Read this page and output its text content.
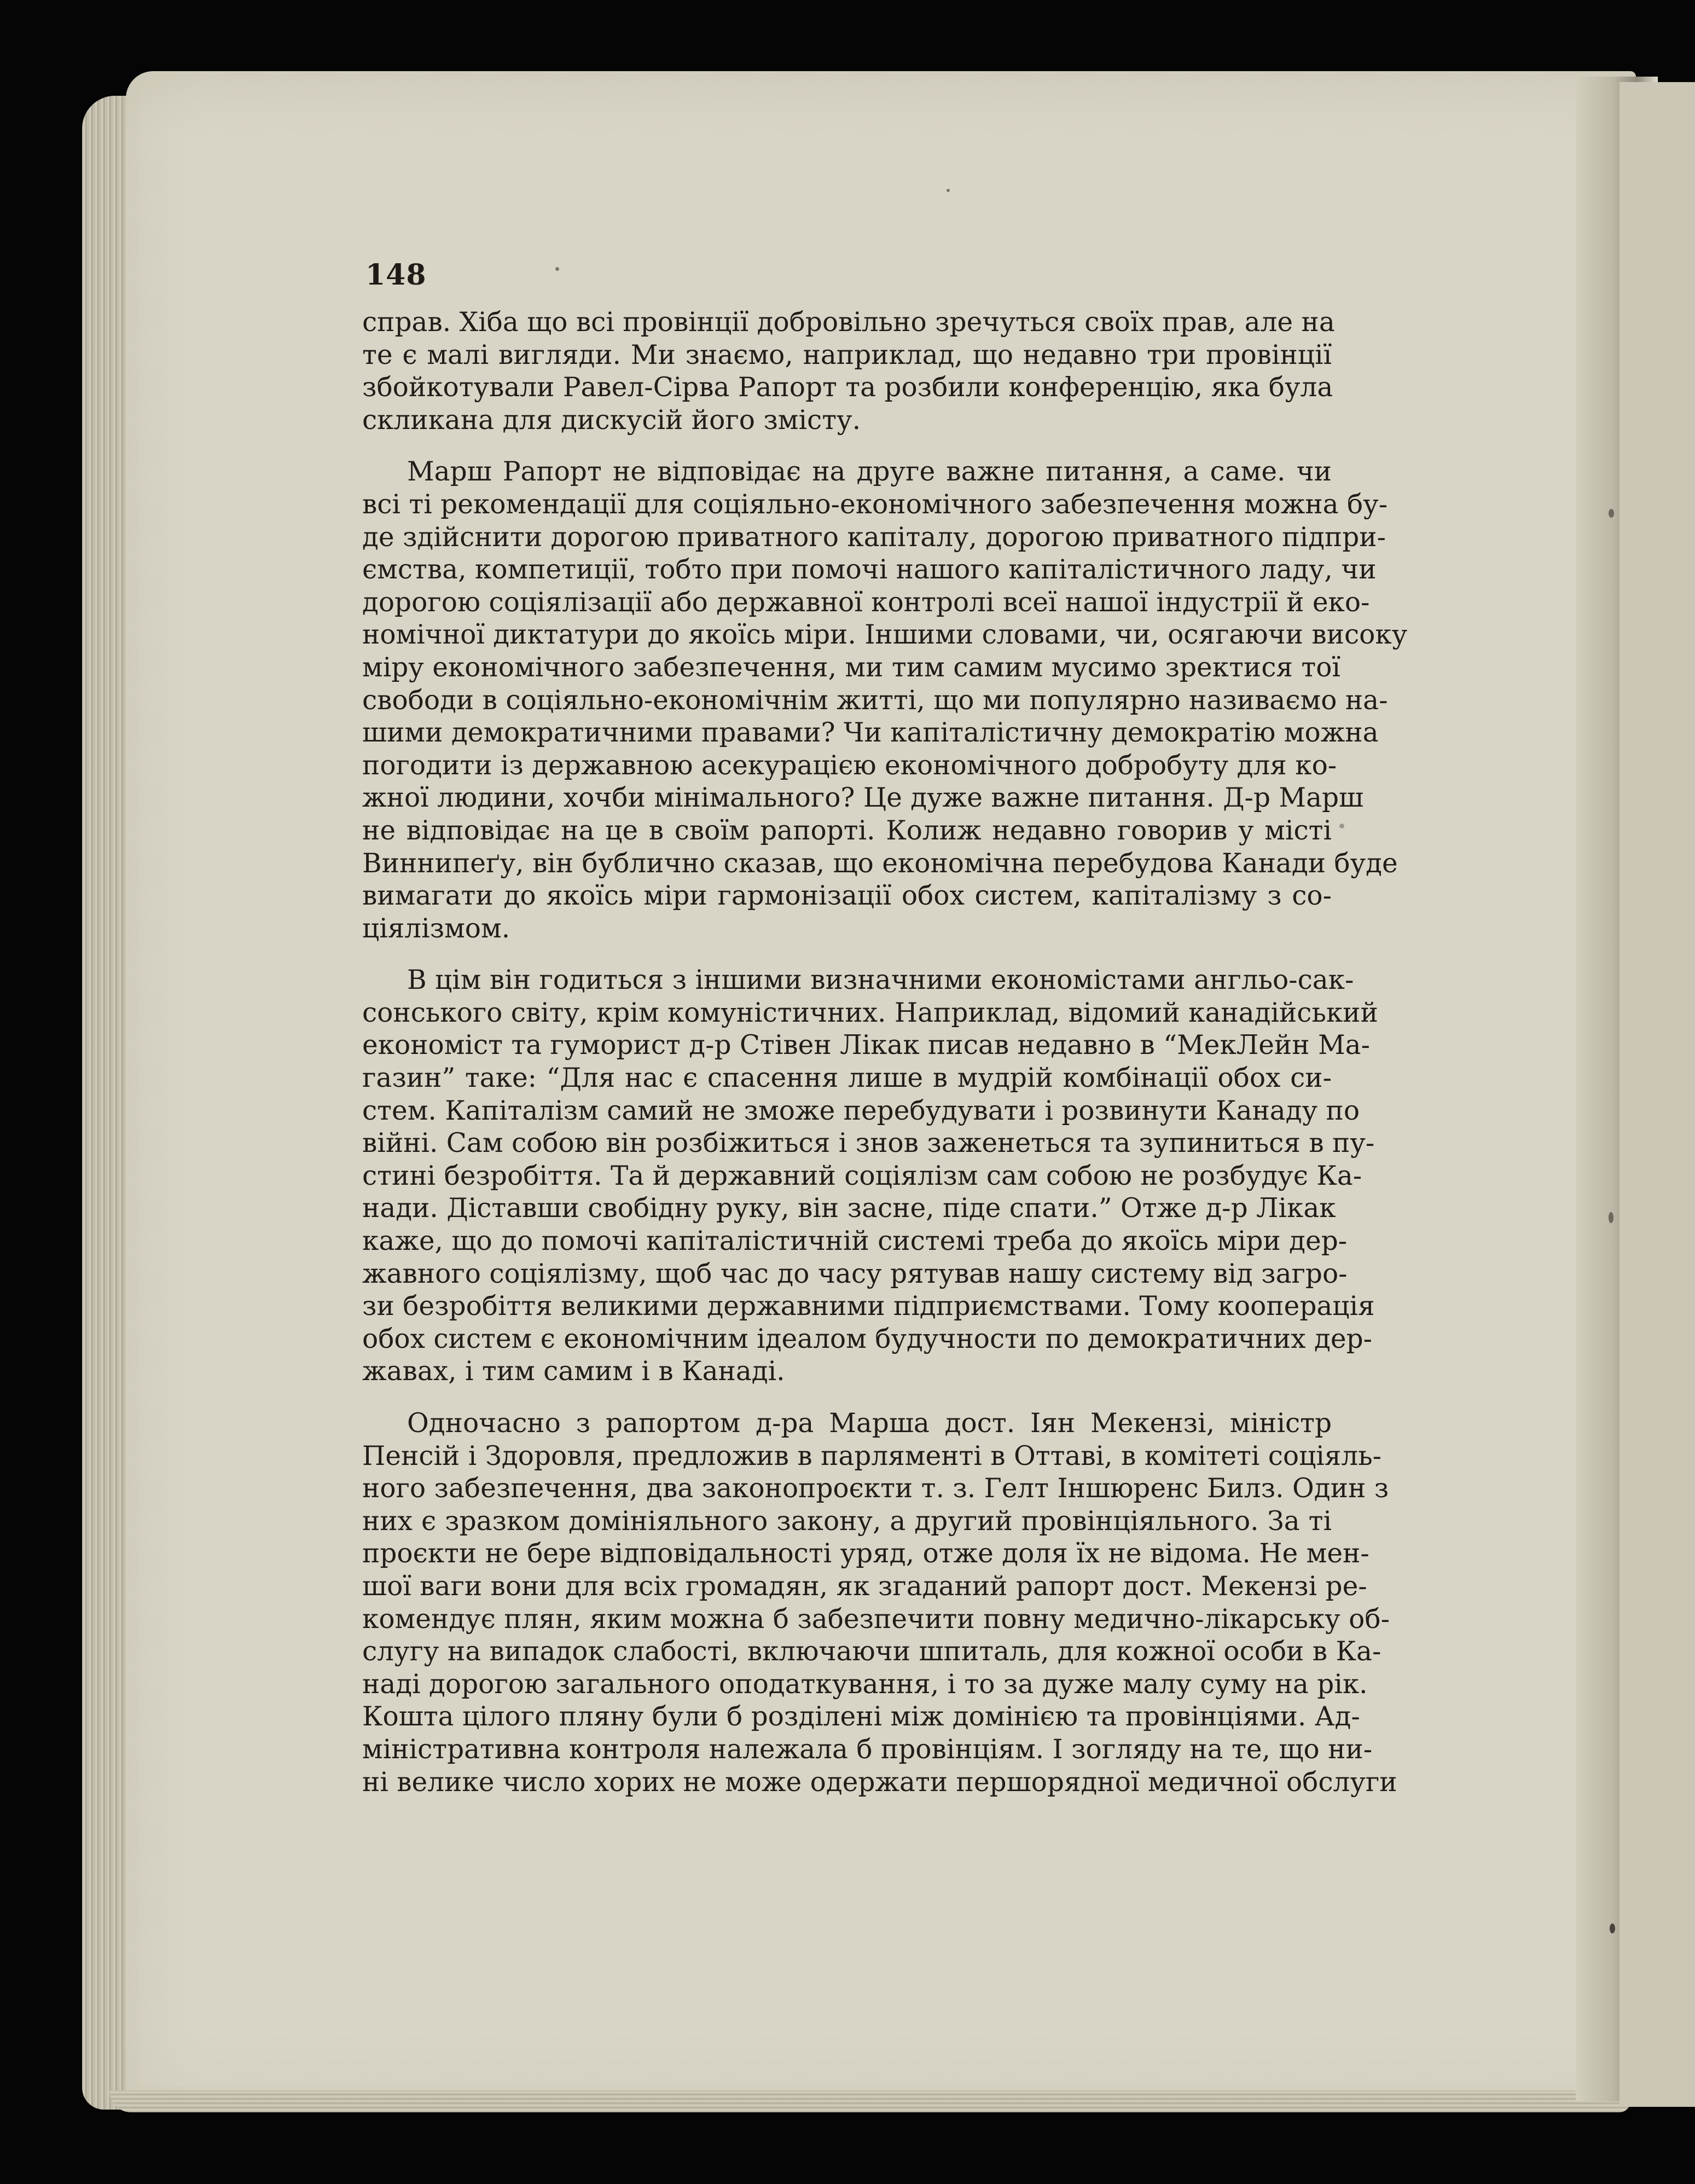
148
справ. Хіба що всі провінції добровільно зречуться своїх прав, але на
те є малі вигляди. Ми знаємо, наприклад, що недавно три провінції
збойкотували Равел-Сірва Рапорт та розбили конференцію, яка була
скликана для дискусій його змісту.
Марш Рапорт не відповідає на друге важне питання, а саме. чи
всі ті рекомендації для соціяльно-економічного забезпечення можна бу-
де здійснити дорогою приватного капіталу, дорогою приватного підпри-
ємства, компетиції, тобто при помочі нашого капіталістичного ладу, чи
дорогою соціялізації або державної контролі всеї нашої індустрії й еко-
номічної диктатури до якоїсь міри. Іншими словами, чи, осягаючи високу
міру економічного забезпечення, ми тим самим мусимо зректися тої
свободи в соціяльно-економічнім житті, що ми популярно називаємо на-
шими демократичними правами? Чи капіталістичну демократію можна
погодити із державною асекурацією економічного добробуту для ко-
жної людини, хочби мінімального? Це дуже важне питання. Д-р Марш
не відповідає на це в своїм рапорті. Колиж недавно говорив у місті
Виннипеґу, він бублично сказав, що економічна перебудова Канади буде
вимагати до якоїсь міри гармонізації обох систем, капіталізму з со-
ціялізмом.
В цім він годиться з іншими визначними економістами англьо-сак-
сонського світу, крім комуністичних. Наприклад, відомий канадійський
економіст та гуморист д-р Стівен Лікак писав недавно в “МекЛейн Ма-
газин” таке: “Для нас є спасення лише в мудрій комбінації обох си-
стем. Капіталізм самий не зможе перебудувати і розвинути Канаду по
війні. Сам собою він розбіжиться і знов заженеться та зупиниться в пу-
стині безробіття. Та й державний соціялізм сам собою не розбудує Ка-
нади. Діставши свобідну руку, він засне, піде спати.” Отже д-р Лікак
каже, що до помочі капіталістичній системі треба до якоїсь міри дер-
жавного соціялізму, щоб час до часу рятував нашу систему від загро-
зи безробіття великими державними підприємствами. Тому кооперація
обох систем є економічним ідеалом будучности по демократичних дер-
жавах, і тим самим і в Канаді.
Одночасно з рапортом д-ра Марша дост. Іян Мекензі, міністр
Пенсій і Здоровля, предложив в парляменті в Оттаві, в комітеті соціяль-
ного забезпечення, два законопроєкти т. з. Гелт Іншюренс Билз. Один з
них є зразком домініяльного закону, а другий провінціяльного. За ті
проєкти не бере відповідальності уряд, отже доля їх не відома. Не мен-
шої ваги вони для всіх громадян, як згаданий рапорт дост. Мекензі ре-
комендує плян, яким можна б забезпечити повну медично-лікарську об-
слугу на випадок слабості, включаючи шпиталь, для кожної особи в Ка-
наді дорогою загального оподаткування, і то за дуже малу суму на рік.
Кошта цілого пляну були б розділені між домінією та провінціями. Ад-
міністративна контроля належала б провінціям. І зогляду на те, що ни-
ні велике число хорих не може одержати першорядної медичної обслуги
